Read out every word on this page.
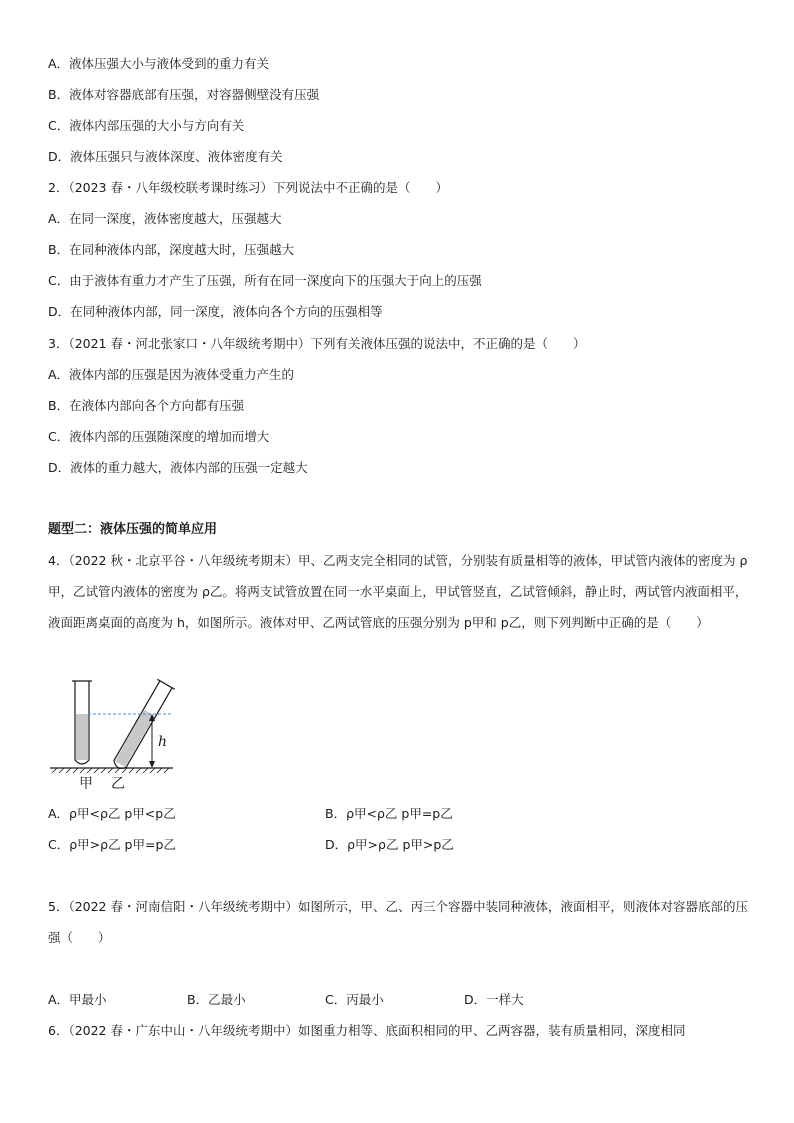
A．液体压强大小与液体受到的重力有关
B．液体对容器底部有压强，对容器侧壁没有压强
C．液体内部压强的大小与方向有关
D．液体压强只与液体深度、液体密度有关
2．（2023 春・八年级校联考课时练习）下列说法中不正确的是（　　）
A．在同一深度，液体密度越大，压强越大
B．在同种液体内部，深度越大时，压强越大
C．由于液体有重力才产生了压强，所有在同一深度向下的压强大于向上的压强
D．在同种液体内部，同一深度，液体向各个方向的压强相等
3．（2021 春・河北张家口・八年级统考期中）下列有关液体压强的说法中，不正确的是（　　）
A．液体内部的压强是因为液体受重力产生的
B．在液体内部向各个方向都有压强
C．液体内部的压强随深度的增加而增大
D．液体的重力越大，液体内部的压强一定越大
题型二：液体压强的简单应用
4．（2022 秋・北京平谷・八年级统考期末）甲、乙两支完全相同的试管，分别装有质量相等的液体，甲试管内液体的密度为 ρ甲，乙试管内液体的密度为 ρ乙。将两支试管放置在同一水平桌面上，甲试管竖直，乙试管倾斜，静止时，两试管内液面相平，液面距离桌面的高度为 h，如图所示。液体对甲、乙两试管底的压强分别为 p甲和 p乙，则下列判断中正确的是（　　）
h
甲 乙
A．ρ甲<ρ乙 p甲<p乙	B．ρ甲<ρ乙 p甲=p乙
C．ρ甲>ρ乙 p甲=p乙	D．ρ甲>ρ乙 p甲>p乙
5．（2022 春・河南信阳・八年级统考期中）如图所示，甲、乙、丙三个容器中装同种液体，液面相平，则液体对容器底部的压强（　　）
A．甲最小	B．乙最小	C．丙最小	D．一样大
6．（2022 春・广东中山・八年级统考期中）如图重力相等、底面积相同的甲、乙两容器，装有质量相同，深度相同
